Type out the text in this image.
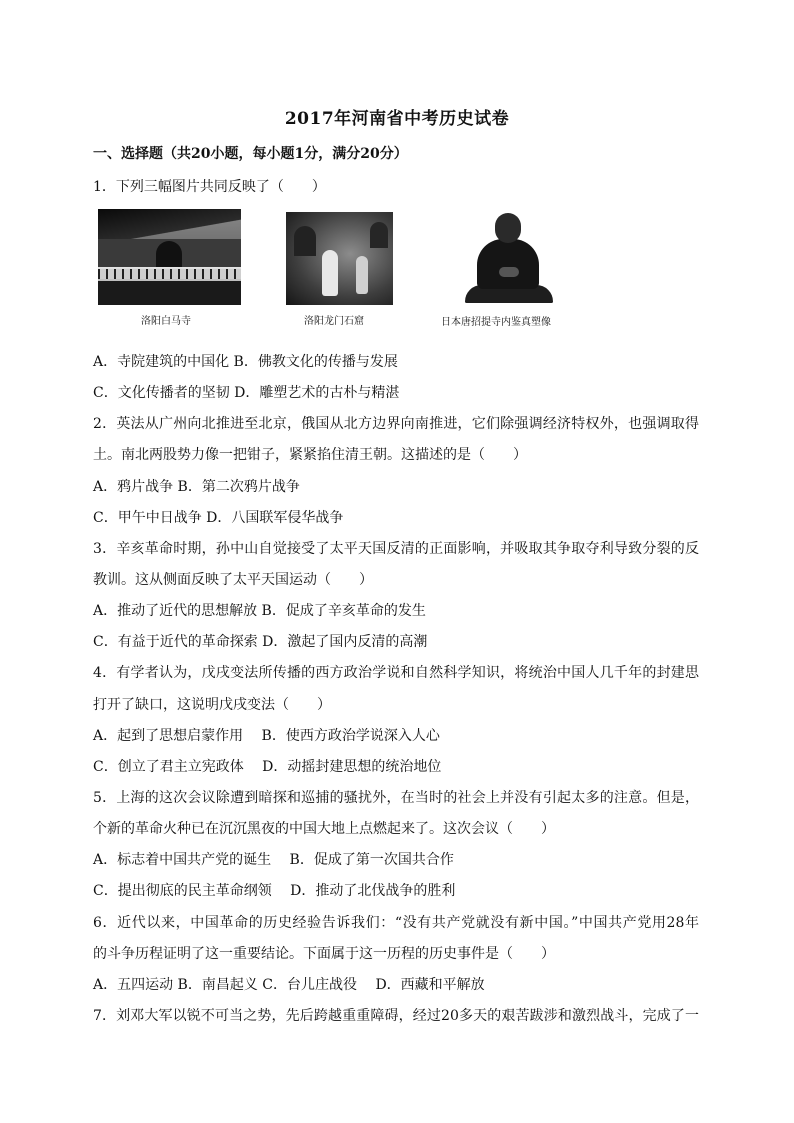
2017年河南省中考历史试卷
一、选择题（共20小题，每小题1分，满分20分）
1．下列三幅图片共同反映了（　　）
洛阳白马寺	洛阳龙门石窟	日本唐招提寺内鉴真塑像
A．寺院建筑的中国化 B．佛教文化的传播与发展
C．文化传播者的坚韧 D．雕塑艺术的古朴与精湛
2．英法从广州向北推进至北京，俄国从北方边界向南推进，它们除强调经济特权外，也强调取得
土。南北两股势力像一把钳子，紧紧掐住清王朝。这描述的是（　　）
A．鸦片战争 B．第二次鸦片战争
C．甲午中日战争 D．八国联军侵华战争
3．辛亥革命时期，孙中山自觉接受了太平天国反清的正面影响，并吸取其争取夺利导致分裂的反
教训。这从侧面反映了太平天国运动（　　）
A．推动了近代的思想解放 B．促成了辛亥革命的发生
C．有益于近代的革命探索 D．激起了国内反清的高潮
4．有学者认为，戊戌变法所传播的西方政治学说和自然科学知识，将统治中国人几千年的封建思
打开了缺口，这说明戊戌变法（　　）
A．起到了思想启蒙作用　 B．使西方政治学说深入人心
C．创立了君主立宪政体　 D．动摇封建思想的统治地位
5．上海的这次会议除遭到暗探和巡捕的骚扰外，在当时的社会上并没有引起太多的注意。但是，
个新的革命火种已在沉沉黑夜的中国大地上点燃起来了。这次会议（　　）
A．标志着中国共产党的诞生　 B．促成了第一次国共合作
C．提出彻底的民主革命纲领　 D．推动了北伐战争的胜利
6．近代以来，中国革命的历史经验告诉我们：“没有共产党就没有新中国。”中国共产党用28年
的斗争历程证明了这一重要结论。下面属于这一历程的历史事件是（　　）
A．五四运动 B．南昌起义 C．台儿庄战役　 D．西藏和平解放
7．刘邓大军以锐不可当之势，先后跨越重重障碍，经过20多天的艰苦跋涉和激烈战斗，完成了一
